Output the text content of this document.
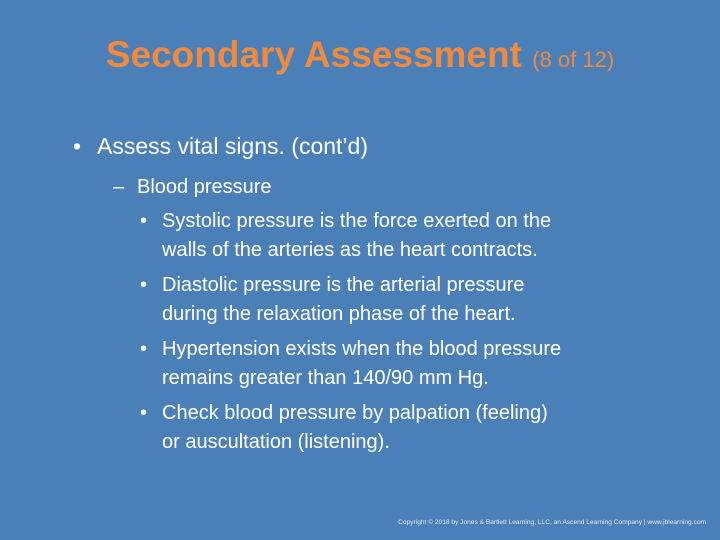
Secondary Assessment (8 of 12)
• Assess vital signs. (cont’d)
– Blood pressure
• Systolic pressure is the force exerted on the
walls of the arteries as the heart contracts.
• Diastolic pressure is the arterial pressure
during the relaxation phase of the heart.
• Hypertension exists when the blood pressure
remains greater than 140/90 mm Hg.
• Check blood pressure by palpation (feeling)
or auscultation (listening).
Copyright © 2018 by Jones & Bartlett Learning, LLC, an Ascend Learning Company | www.jblearning.com
